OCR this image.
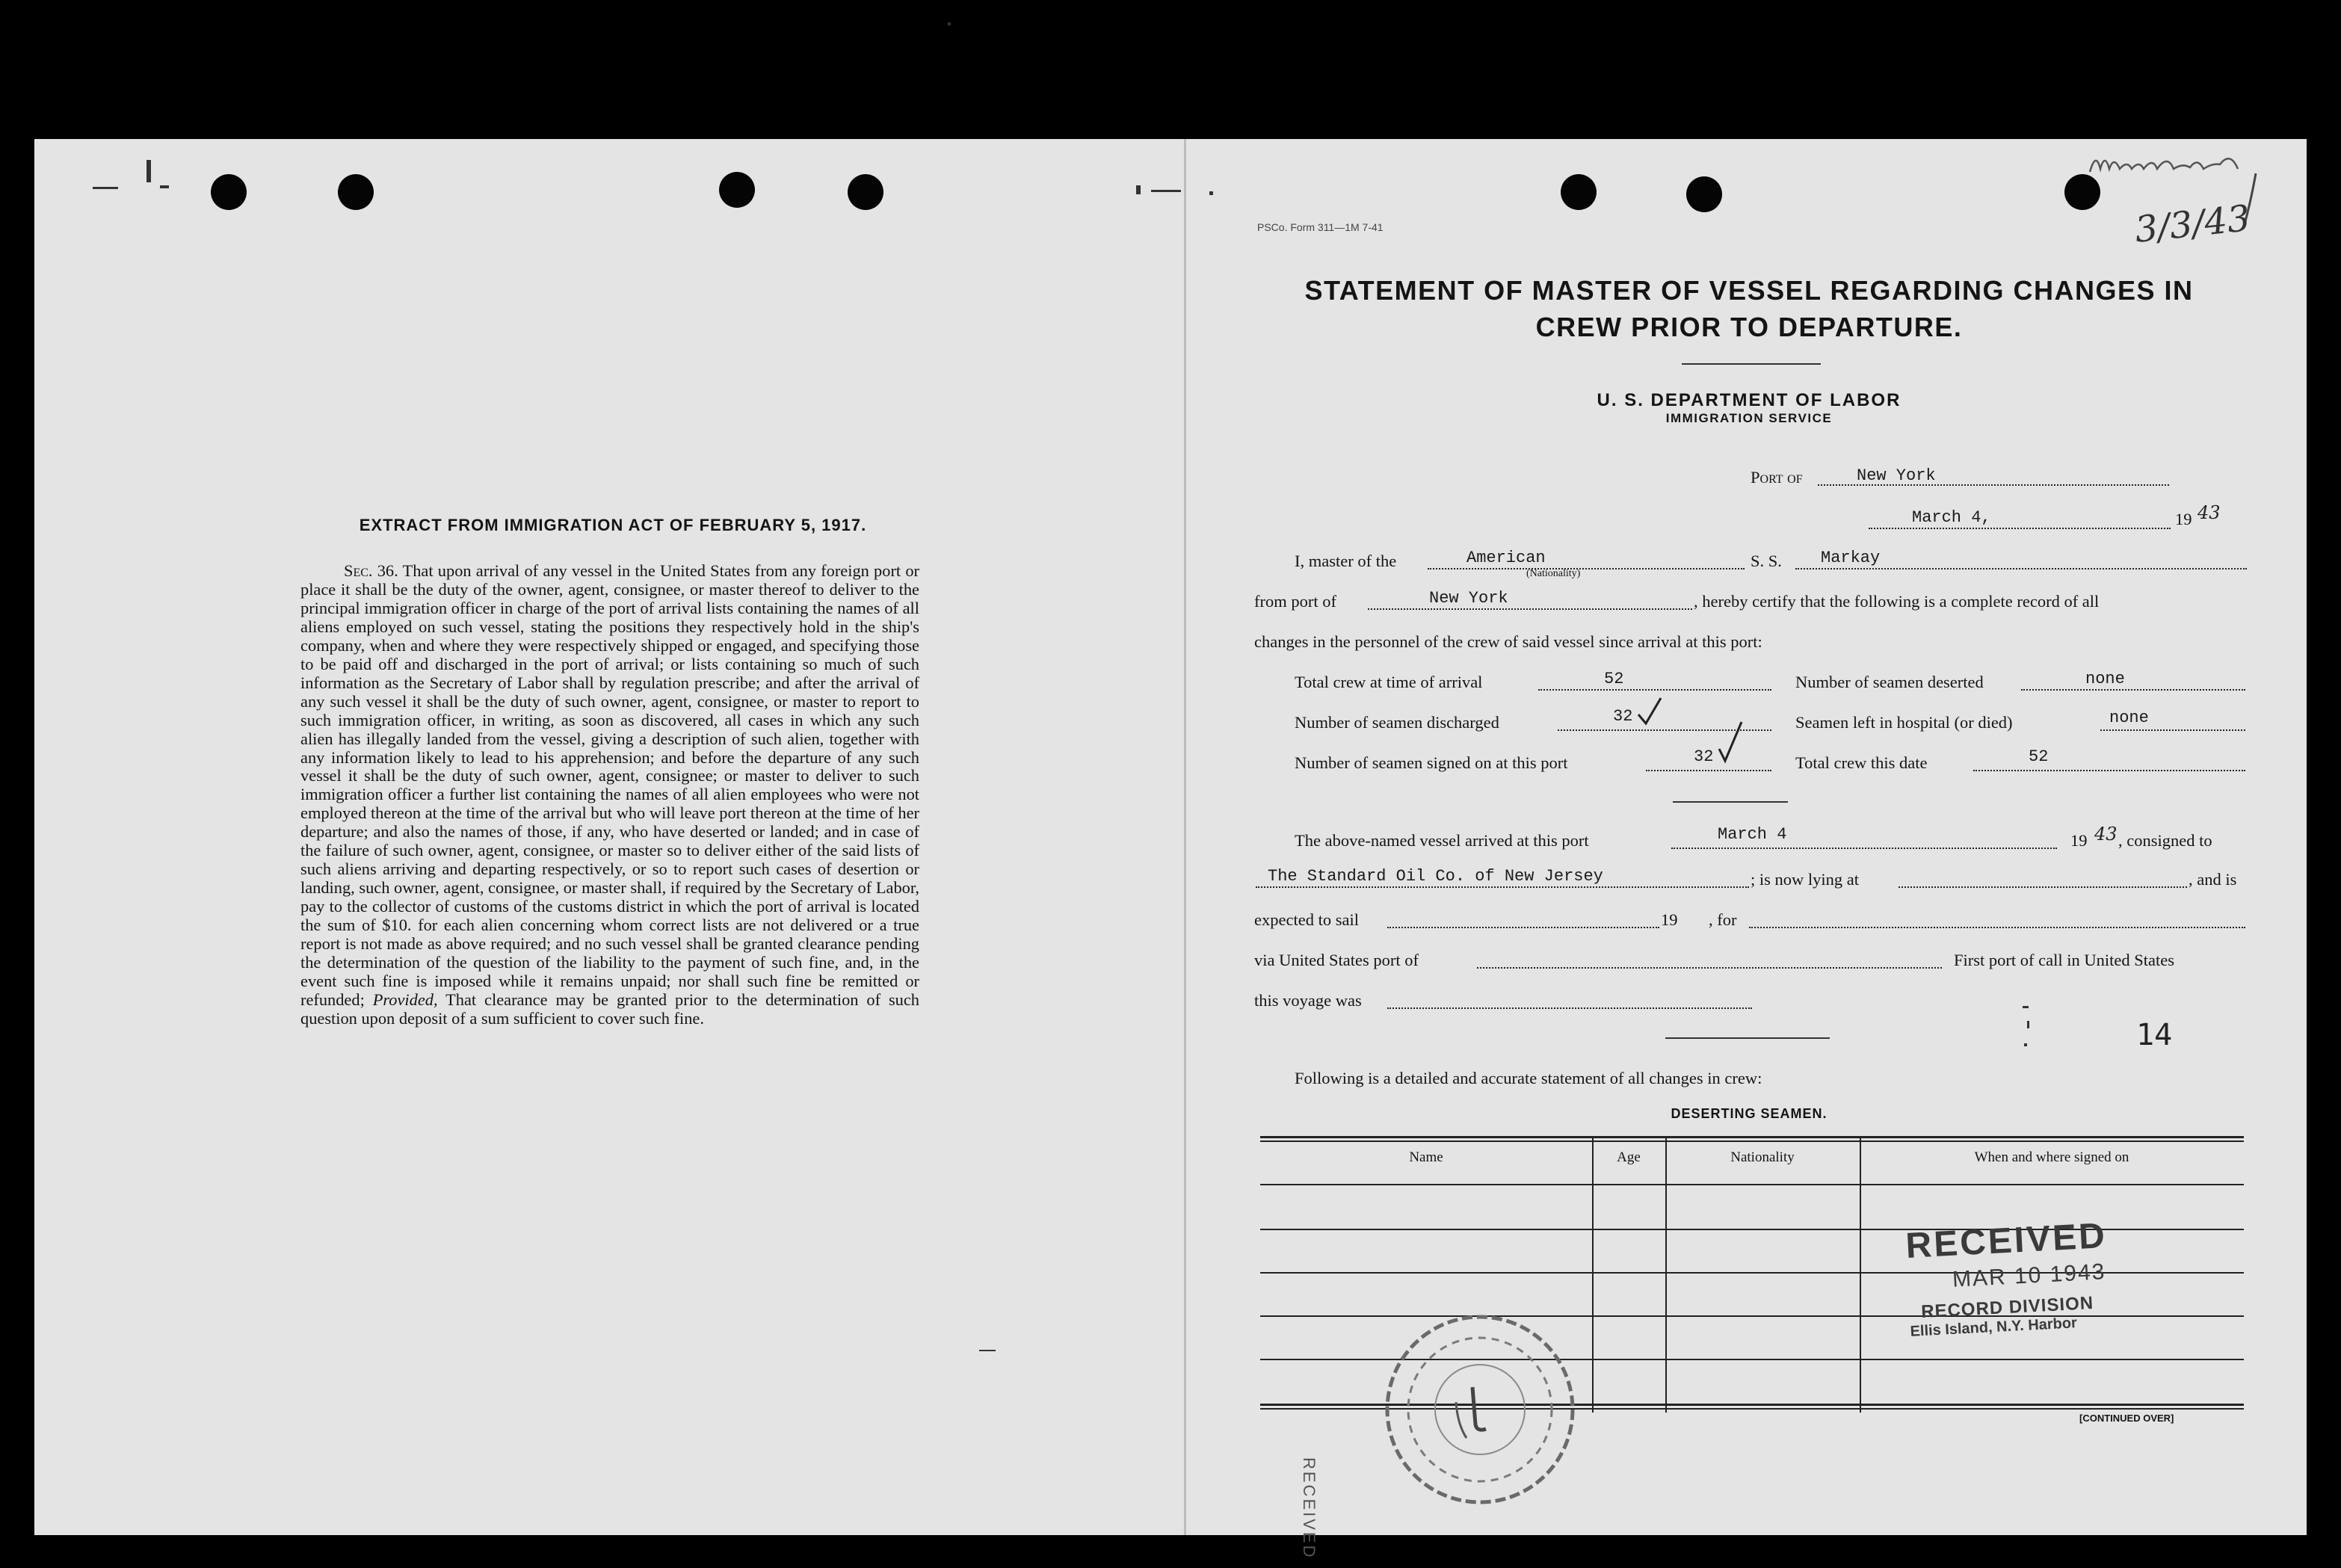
EXTRACT FROM IMMIGRATION ACT OF FEBRUARY 5, 1917.
Sec. 36. That upon arrival of any vessel in the United States from any foreign port or place it shall be the duty of the owner, agent, consignee, or master thereof to deliver to the principal immigration officer in charge of the port of arrival lists containing the names of all aliens employed on such vessel, stating the positions they respectively hold in the ship's company, when and where they were respectively shipped or engaged, and specifying those to be paid off and discharged in the port of arrival; or lists containing so much of such information as the Secretary of Labor shall by regulation prescribe; and after the arrival of any such vessel it shall be the duty of such owner, agent, consignee, or master to report to such immigration officer, in writing, as soon as discovered, all cases in which any such alien has illegally landed from the vessel, giving a description of such alien, together with any information likely to lead to his apprehension; and before the departure of any such vessel it shall be the duty of such owner, agent, consignee; or master to deliver to such immigration officer a further list containing the names of all alien employees who were not employed thereon at the time of the arrival but who will leave port thereon at the time of her departure; and also the names of those, if any, who have deserted or landed; and in case of the failure of such owner, agent, consignee, or master so to deliver either of the said lists of such aliens arriving and departing respectively, or so to report such cases of desertion or landing, such owner, agent, consignee, or master shall, if required by the Secretary of Labor, pay to the collector of customs of the customs district in which the port of arrival is located the sum of $10. for each alien concerning whom correct lists are not delivered or a true report is not made as above required; and no such vessel shall be granted clearance pending the determination of the question of the liability to the payment of such fine, and, in the event such fine is imposed while it remains unpaid; nor shall such fine be remitted or refunded; Provided, That clearance may be granted prior to the determination of such question upon deposit of a sum sufficient to cover such fine.
PSCo. Form 311—1M 7-41
STATEMENT OF MASTER OF VESSEL REGARDING CHANGES IN
CREW PRIOR TO DEPARTURE.
U. S. DEPARTMENT OF LABOR
IMMIGRATION SERVICE
Port of	New York
March 4,	19 43
I, master of the	American
(Nationality)
S. S. Markay
from port of	New York	, hereby certify that the following is a complete record of all
changes in the personnel of the crew of said vessel since arrival at this port:
Total crew at time of arrival	52	Number of seamen deserted	none
Number of seamen discharged	32	Seamen left in hospital (or died)	none
Number of seamen signed on at this port	32	Total crew this date	52
The above-named vessel arrived at this port	March 4	19 43 , consigned to
The Standard Oil Co. of New Jersey	; is now lying at	, and is
expected to sail	19 , for
via United States port of	First port of call in United States
this voyage was
14
Following is a detailed and accurate statement of all changes in crew:
DESERTING SEAMEN.
Name	Age	Nationality	When and where signed on
[CONTINUED OVER]
RECEIVED
MAR 10 1943
RECORD DIVISION
Ellis Island, N.Y. Harbor
RECEIVED
3/3/43
